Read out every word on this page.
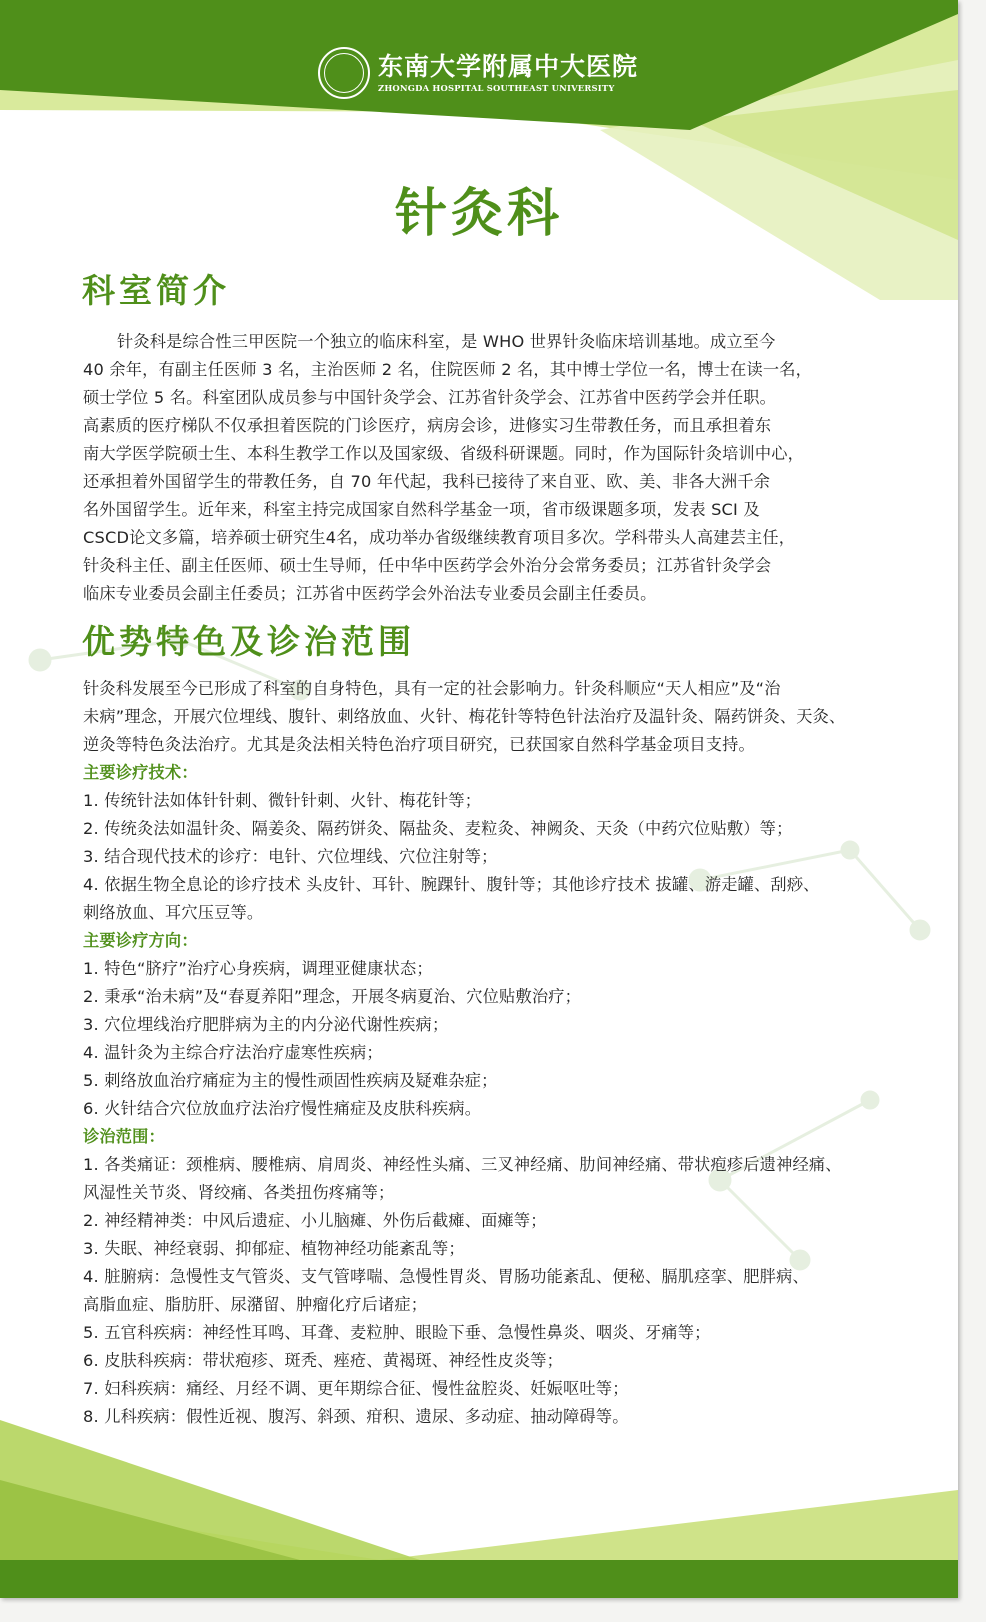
东南大学附属中大医院
ZHONGDA HOSPITAL SOUTHEAST UNIVERSITY
针灸科
科室简介
针灸科是综合性三甲医院一个独立的临床科室，是 WHO 世界针灸临床培训基地。成立至今
40 余年，有副主任医师 3 名，主治医师 2 名，住院医师 2 名，其中博士学位一名，博士在读一名，
硕士学位 5 名。科室团队成员参与中国针灸学会、江苏省针灸学会、江苏省中医药学会并任职。
高素质的医疗梯队不仅承担着医院的门诊医疗，病房会诊，进修实习生带教任务，而且承担着东
南大学医学院硕士生、本科生教学工作以及国家级、省级科研课题。同时，作为国际针灸培训中心，
还承担着外国留学生的带教任务，自 70 年代起，我科已接待了来自亚、欧、美、非各大洲千余
名外国留学生。近年来，科室主持完成国家自然科学基金一项，省市级课题多项，发表 SCI 及
CSCD论文多篇，培养硕士研究生4名，成功举办省级继续教育项目多次。学科带头人高建芸主任，
针灸科主任、副主任医师、硕士生导师，任中华中医药学会外治分会常务委员；江苏省针灸学会
临床专业委员会副主任委员；江苏省中医药学会外治法专业委员会副主任委员。
优势特色及诊治范围
针灸科发展至今已形成了科室的自身特色，具有一定的社会影响力。针灸科顺应“天人相应”及“治
未病”理念，开展穴位埋线、腹针、刺络放血、火针、梅花针等特色针法治疗及温针灸、隔药饼灸、天灸、
逆灸等特色灸法治疗。尤其是灸法相关特色治疗项目研究，已获国家自然科学基金项目支持。
主要诊疗技术：
1. 传统针法如体针针刺、微针针刺、火针、梅花针等；
2. 传统灸法如温针灸、隔姜灸、隔药饼灸、隔盐灸、麦粒灸、神阙灸、天灸（中药穴位贴敷）等；
3. 结合现代技术的诊疗：电针、穴位埋线、穴位注射等；
4. 依据生物全息论的诊疗技术 头皮针、耳针、腕踝针、腹针等；其他诊疗技术 拔罐、游走罐、刮痧、
刺络放血、耳穴压豆等。
主要诊疗方向：
1. 特色“脐疗”治疗心身疾病，调理亚健康状态；
2. 秉承“治未病”及“春夏养阳”理念，开展冬病夏治、穴位贴敷治疗；
3. 穴位埋线治疗肥胖病为主的内分泌代谢性疾病；
4. 温针灸为主综合疗法治疗虚寒性疾病；
5. 刺络放血治疗痛症为主的慢性顽固性疾病及疑难杂症；
6. 火针结合穴位放血疗法治疗慢性痛症及皮肤科疾病。
诊治范围：
1. 各类痛证：颈椎病、腰椎病、肩周炎、神经性头痛、三叉神经痛、肋间神经痛、带状疱疹后遗神经痛、
风湿性关节炎、肾绞痛、各类扭伤疼痛等；
2. 神经精神类：中风后遗症、小儿脑瘫、外伤后截瘫、面瘫等；
3. 失眠、神经衰弱、抑郁症、植物神经功能紊乱等；
4. 脏腑病：急慢性支气管炎、支气管哮喘、急慢性胃炎、胃肠功能紊乱、便秘、膈肌痉挛、肥胖病、
高脂血症、脂肪肝、尿潴留、肿瘤化疗后诸症；
5. 五官科疾病：神经性耳鸣、耳聋、麦粒肿、眼睑下垂、急慢性鼻炎、咽炎、牙痛等；
6. 皮肤科疾病：带状疱疹、斑秃、痤疮、黄褐斑、神经性皮炎等；
7. 妇科疾病：痛经、月经不调、更年期综合征、慢性盆腔炎、妊娠呕吐等；
8. 儿科疾病：假性近视、腹泻、斜颈、疳积、遗尿、多动症、抽动障碍等。
